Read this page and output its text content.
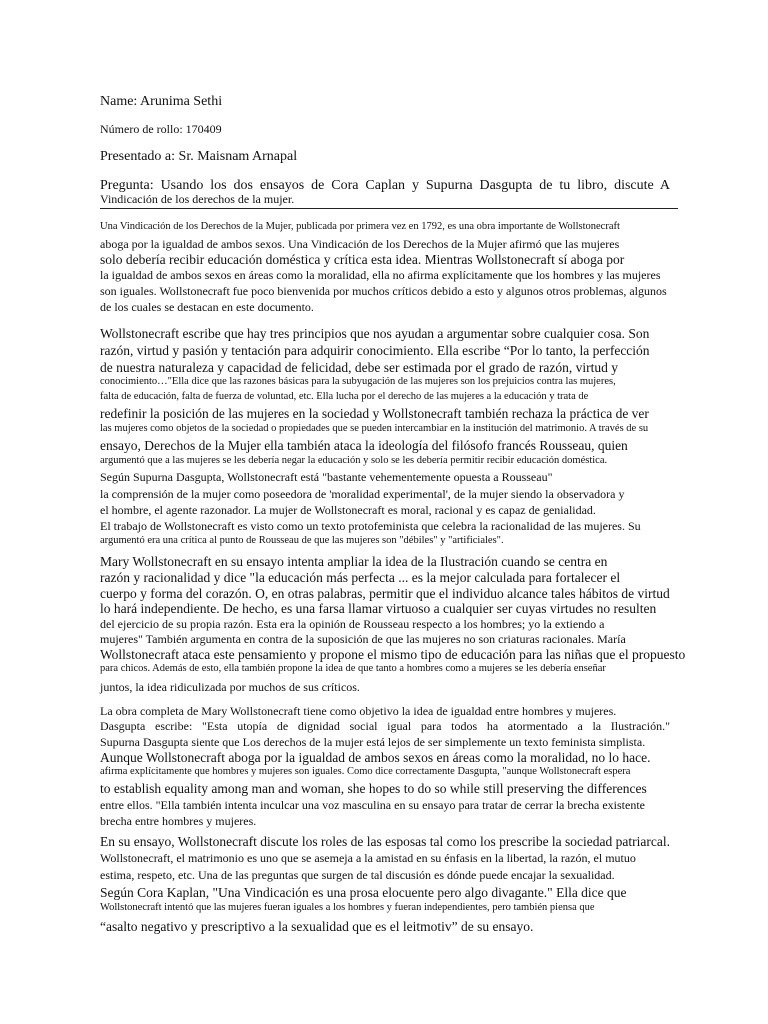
Name: Arunima Sethi
Número de rollo: 170409
Presentado a: Sr. Maisnam Arnapal
Pregunta: Usando los dos ensayos de Cora Caplan y Supurna Dasgupta de tu libro, discute A
Vindicación de los derechos de la mujer.
Una Vindicación de los Derechos de la Mujer, publicada por primera vez en 1792, es una obra importante de Wollstonecraft
aboga por la igualdad de ambos sexos. Una Vindicación de los Derechos de la Mujer afirmó que las mujeres
solo debería recibir educación doméstica y crítica esta idea. Mientras Wollstonecraft sí aboga por
la igualdad de ambos sexos en áreas como la moralidad, ella no afirma explícitamente que los hombres y las mujeres
son iguales. Wollstonecraft fue poco bienvenida por muchos críticos debido a esto y algunos otros problemas, algunos
de los cuales se destacan en este documento.
Wollstonecraft escribe que hay tres principios que nos ayudan a argumentar sobre cualquier cosa. Son
razón, virtud y pasión y tentación para adquirir conocimiento. Ella escribe “Por lo tanto, la perfección
de nuestra naturaleza y capacidad de felicidad, debe ser estimada por el grado de razón, virtud y
conocimiento…"Ella dice que las razones básicas para la subyugación de las mujeres son los prejuicios contra las mujeres,
falta de educación, falta de fuerza de voluntad, etc. Ella lucha por el derecho de las mujeres a la educación y trata de
redefinir la posición de las mujeres en la sociedad y Wollstonecraft también rechaza la práctica de ver
las mujeres como objetos de la sociedad o propiedades que se pueden intercambiar en la institución del matrimonio. A través de su
ensayo, Derechos de la Mujer ella también ataca la ideología del filósofo francés Rousseau, quien
argumentó que a las mujeres se les debería negar la educación y solo se les debería permitir recibir educación doméstica.
Según Supurna Dasgupta, Wollstonecraft está "bastante vehementemente opuesta a Rousseau"
la comprensión de la mujer como poseedora de 'moralidad experimental', de la mujer siendo la observadora y
el hombre, el agente razonador. La mujer de Wollstonecraft es moral, racional y es capaz de genialidad.
El trabajo de Wollstonecraft es visto como un texto protofeminista que celebra la racionalidad de las mujeres. Su
argumentó era una crítica al punto de Rousseau de que las mujeres son "débiles" y "artificiales".
Mary Wollstonecraft en su ensayo intenta ampliar la idea de la Ilustración cuando se centra en
razón y racionalidad y dice "la educación más perfecta ... es la mejor calculada para fortalecer el
cuerpo y forma del corazón. O, en otras palabras, permitir que el individuo alcance tales hábitos de virtud
lo hará independiente. De hecho, es una farsa llamar virtuoso a cualquier ser cuyas virtudes no resulten
del ejercicio de su propia razón. Esta era la opinión de Rousseau respecto a los hombres; yo la extiendo a
mujeres" También argumenta en contra de la suposición de que las mujeres no son criaturas racionales. María
Wollstonecraft ataca este pensamiento y propone el mismo tipo de educación para las niñas que el propuesto
para chicos. Además de esto, ella también propone la idea de que tanto a hombres como a mujeres se les debería enseñar
juntos, la idea ridiculizada por muchos de sus críticos.
La obra completa de Mary Wollstonecraft tiene como objetivo la idea de igualdad entre hombres y mujeres.
Dasgupta escribe: "Esta utopía de dignidad social igual para todos ha atormentado a la Ilustración."
Supurna Dasgupta siente que Los derechos de la mujer está lejos de ser simplemente un texto feminista simplista.
Aunque Wollstonecraft aboga por la igualdad de ambos sexos en áreas como la moralidad, no lo hace.
afirma explícitamente que hombres y mujeres son iguales. Como dice correctamente Dasgupta, "aunque Wollstonecraft espera
to establish equality among man and woman, she hopes to do so while still preserving the differences
entre ellos. "Ella también intenta inculcar una voz masculina en su ensayo para tratar de cerrar la brecha existente
brecha entre hombres y mujeres.
En su ensayo, Wollstonecraft discute los roles de las esposas tal como los prescribe la sociedad patriarcal.
Wollstonecraft, el matrimonio es uno que se asemeja a la amistad en su énfasis en la libertad, la razón, el mutuo
estima, respeto, etc. Una de las preguntas que surgen de tal discusión es dónde puede encajar la sexualidad.
Según Cora Kaplan, "Una Vindicación es una prosa elocuente pero algo divagante." Ella dice que
Wollstonecraft intentó que las mujeres fueran iguales a los hombres y fueran independientes, pero también piensa que
“asalto negativo y prescriptivo a la sexualidad que es el leitmotiv” de su ensayo.
